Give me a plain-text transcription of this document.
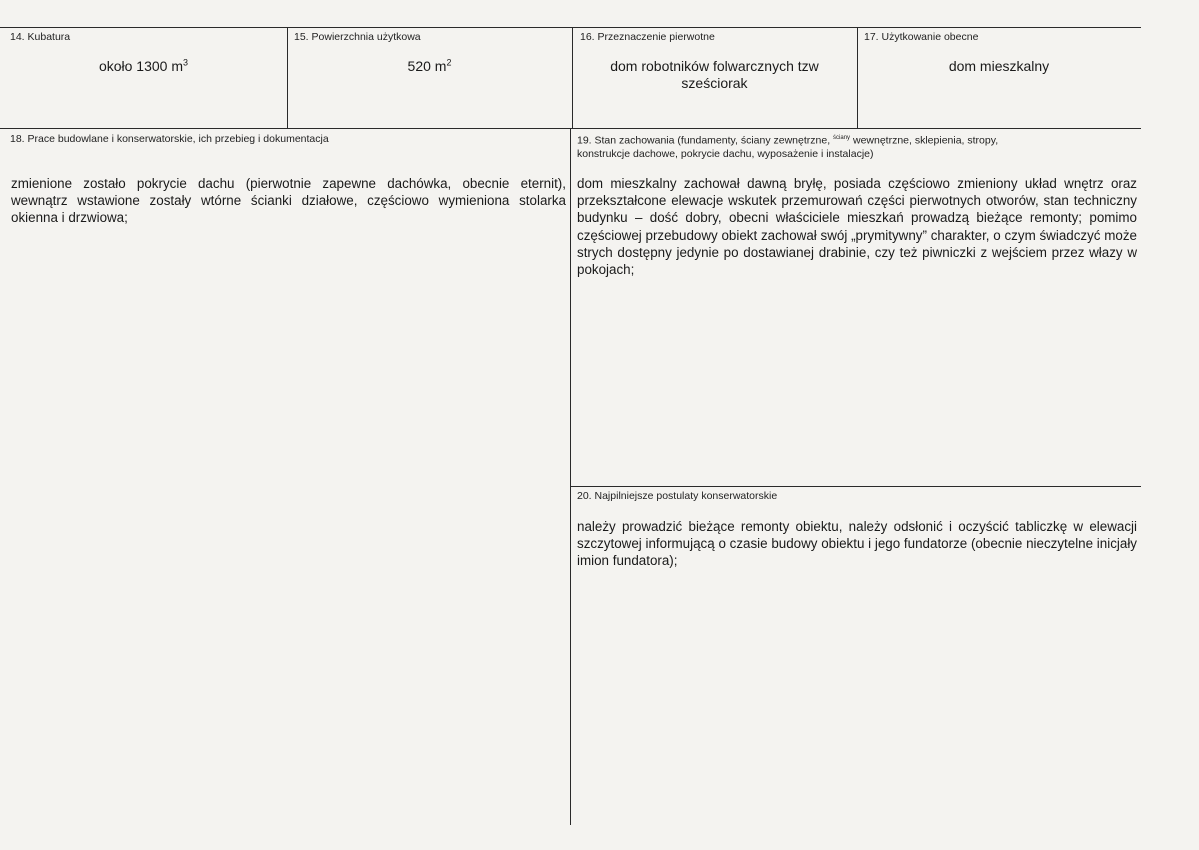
14. Kubatura
około 1300 $m^3$
15. Powierzchnia użytkowa
520 $m^2$
16. Przeznaczenie pierwotne
dom robotników folwarcznych tzw
sześciorak
17. Użytkowanie obecne
dom mieszkalny
18. Prace budowlane i konserwatorskie, ich przebieg i dokumentacja
zmienione zostało pokrycie dachu (pierwotnie zapewne dachówka, obecnie eternit), wewnątrz wstawione zostały wtórne ścianki działowe, częściowo wymieniona stolarka okienna i drzwiowa;
19. Stan zachowania (fundamenty, ściany zewnętrzne, $^{ściany}$ wewnętrzne, sklepienia, stropy,
konstrukcje dachowe, pokrycie dachu, wyposażenie i instalacje)
dom mieszkalny zachował dawną bryłę, posiada częściowo zmieniony układ wnętrz oraz przekształcone elewacje wskutek przemurowań części pierwotnych otworów, stan techniczny budynku – dość dobry, obecni właściciele mieszkań prowadzą bieżące remonty; pomimo częściowej przebudowy obiekt zachował swój „prymitywny” charakter, o czym świadczyć może strych dostępny jedynie po dostawianej drabinie, czy też piwniczki z wejściem przez włazy w pokojach;
20. Najpilniejsze postulaty konserwatorskie
należy prowadzić bieżące remonty obiektu, należy odsłonić i oczyścić tabliczkę w elewacji szczytowej informującą o czasie budowy obiektu i jego fundatorze (obecnie nieczytelne inicjały imion fundatora);
